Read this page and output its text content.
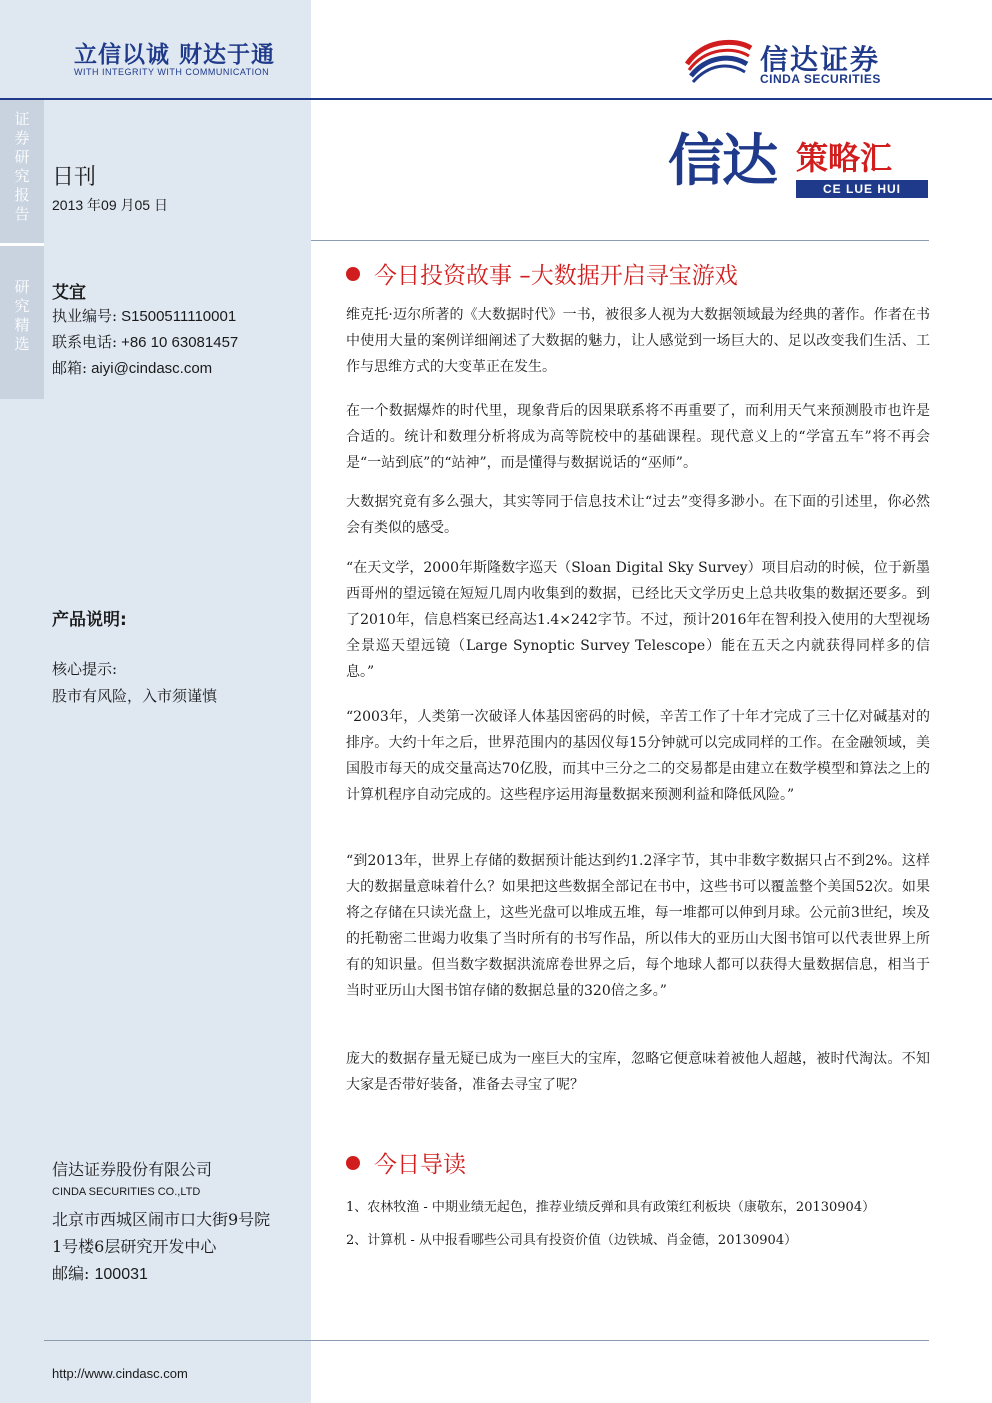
证
券
研
究
报
告
研
究
精
选
立信以诚 财达于通
WITH INTEGRITY WITH COMMUNICATION	信达证券
CINDA SECURITIES
日刊
2013 年09 月05 日
信达 策略汇
CE LUE HUI
艾宜
执业编号: S1500511110001
联系电话: +86 10 63081457
邮箱: aiyi@cindasc.com
产品说明:
核心提示:
股市有风险，入市须谨慎
信达证券股份有限公司
CINDA SECURITIES CO.,LTD
北京市西城区闹市口大街9号院
1号楼6层研究开发中心
邮编: 100031
http://www.cindasc.com
今日投资故事 –大数据开启寻宝游戏

维克托·迈尔所著的《大数据时代》一书，被很多人视为大数据领域最为经典的著作。作者在书中使用大量的案例详细阐述了大数据的魅力，让人感觉到一场巨大的、足以改变我们生活、工作与思维方式的大变革正在发生。

在一个数据爆炸的时代里，现象背后的因果联系将不再重要了，而利用天气来预测股市也许是合适的。统计和数理分析将成为高等院校中的基础课程。现代意义上的“学富五车”将不再会是“一站到底”的“站神”，而是懂得与数据说话的“巫师”。

大数据究竟有多么强大，其实等同于信息技术让“过去”变得多渺小。在下面的引述里，你必然会有类似的感受。

“在天文学，2000年斯隆数字巡天（Sloan Digital Sky Survey）项目启动的时候，位于新墨西哥州的望远镜在短短几周内收集到的数据，已经比天文学历史上总共收集的数据还要多。到了2010年，信息档案已经高达1.4×242字节。不过，预计2016年在智利投入使用的大型视场全景巡天望远镜（Large Synoptic Survey Telescope）能在五天之内就获得同样多的信息。”

“2003年，人类第一次破译人体基因密码的时候，辛苦工作了十年才完成了三十亿对碱基对的排序。大约十年之后，世界范围内的基因仪每15分钟就可以完成同样的工作。在金融领域，美国股市每天的成交量高达70亿股，而其中三分之二的交易都是由建立在数学模型和算法之上的计算机程序自动完成的。这些程序运用海量数据来预测利益和降低风险。”

“到2013年，世界上存储的数据预计能达到约1.2泽字节，其中非数字数据只占不到2%。这样大的数据量意味着什么？如果把这些数据全部记在书中，这些书可以覆盖整个美国52次。如果将之存储在只读光盘上，这些光盘可以堆成五堆，每一堆都可以伸到月球。公元前3世纪，埃及的托勒密二世竭力收集了当时所有的书写作品，所以伟大的亚历山大图书馆可以代表世界上所有的知识量。但当数字数据洪流席卷世界之后，每个地球人都可以获得大量数据信息，相当于当时亚历山大图书馆存储的数据总量的320倍之多。”

庞大的数据存量无疑已成为一座巨大的宝库，忽略它便意味着被他人超越，被时代淘汰。不知大家是否带好装备，准备去寻宝了呢？

今日导读
1、农林牧渔 - 中期业绩无起色，推荐业绩反弹和具有政策红利板块（康敬东，20130904）
2、计算机 - 从中报看哪些公司具有投资价值（边铁城、肖金德，20130904）
